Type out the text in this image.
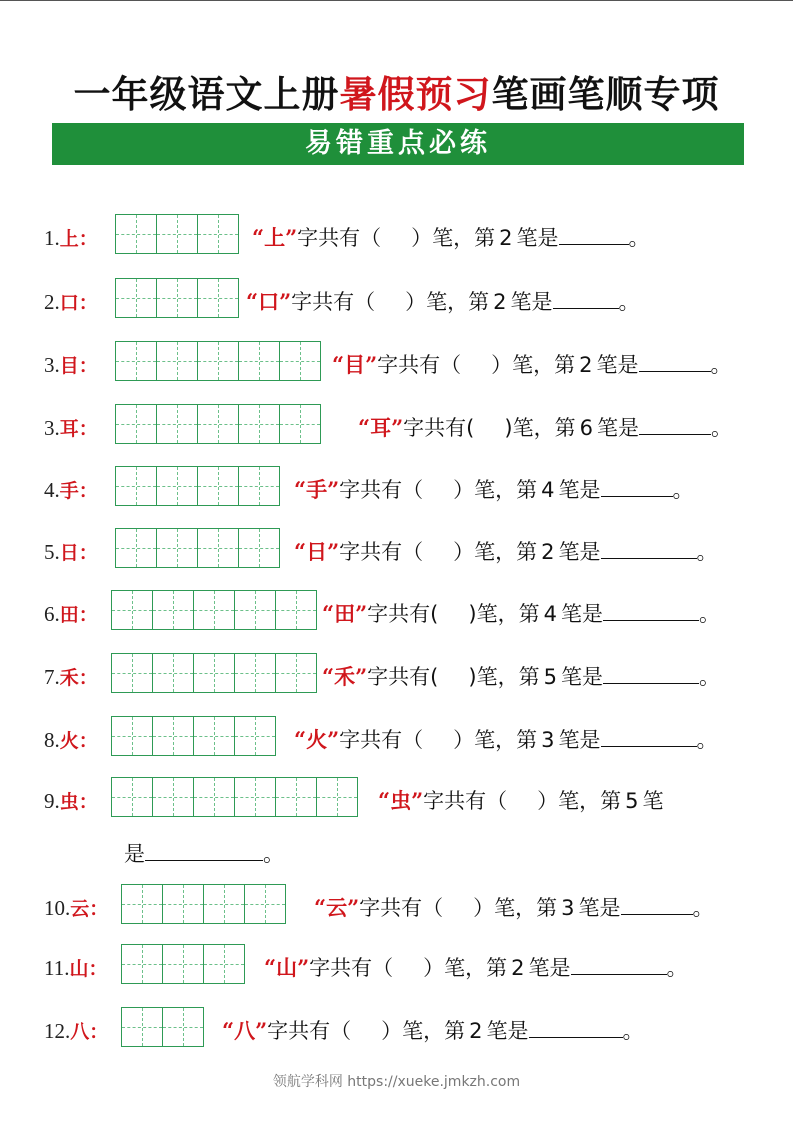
一年级语文上册暑假预习笔画笔顺专项
易错重点必练
1.上：	“上”字共有（ ）笔，第 2 笔是	。
2.口：	“口”字共有（ ）笔，第 2 笔是	。
3.目：	“目”字共有（ ）笔，第 2 笔是	。
3.耳：	“耳”字共有( )笔，第 6 笔是	。
4.手：	“手”字共有（ ）笔，第 4 笔是	。
5.日：	“日”字共有（ ）笔，第 2 笔是	。
6.田：	“田”字共有( )笔，第 4 笔是	。
7.禾：	“禾”字共有( )笔，第 5 笔是	。
8.火：	“火”字共有（ ）笔，第 3 笔是	。
9.虫：	“虫”字共有（ ）笔，第 5 笔
10.云：	“云”字共有（ ）笔，第 3 笔是	。
11.山：	“山”字共有（ ）笔，第 2 笔是	。
12.八：	“八”字共有（ ）笔，第 2 笔是	。
是	。
领航学科网 https://xueke.jmkzh.com
